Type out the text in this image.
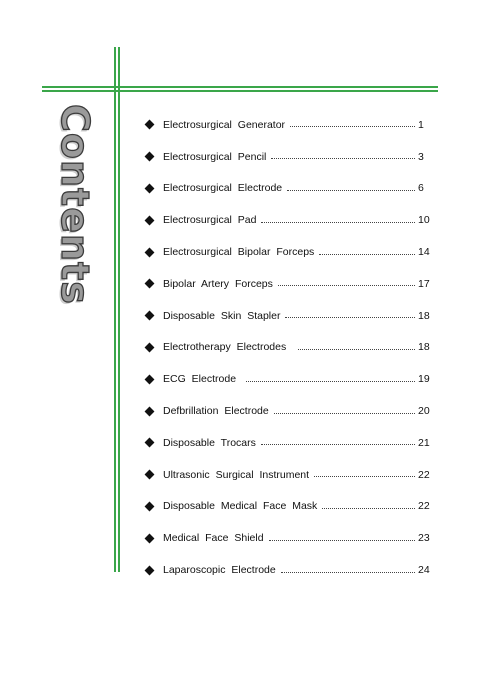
Contents	Electrosurgical Generator	1
Electrosurgical Pencil	3
Electrosurgical Electrode	6
Electrosurgical Pad	10
Electrosurgical Bipolar Forceps	14
Bipolar Artery Forceps	17
Disposable Skin Stapler	18
Electrotherapy Electrodes	18
ECG Electrode	19
Defbrillation Electrode	20
Disposable Trocars	21
Ultrasonic Surgical Instrument	22
Disposable Medical Face Mask	22
Medical Face Shield	23
Laparoscopic Electrode	24
